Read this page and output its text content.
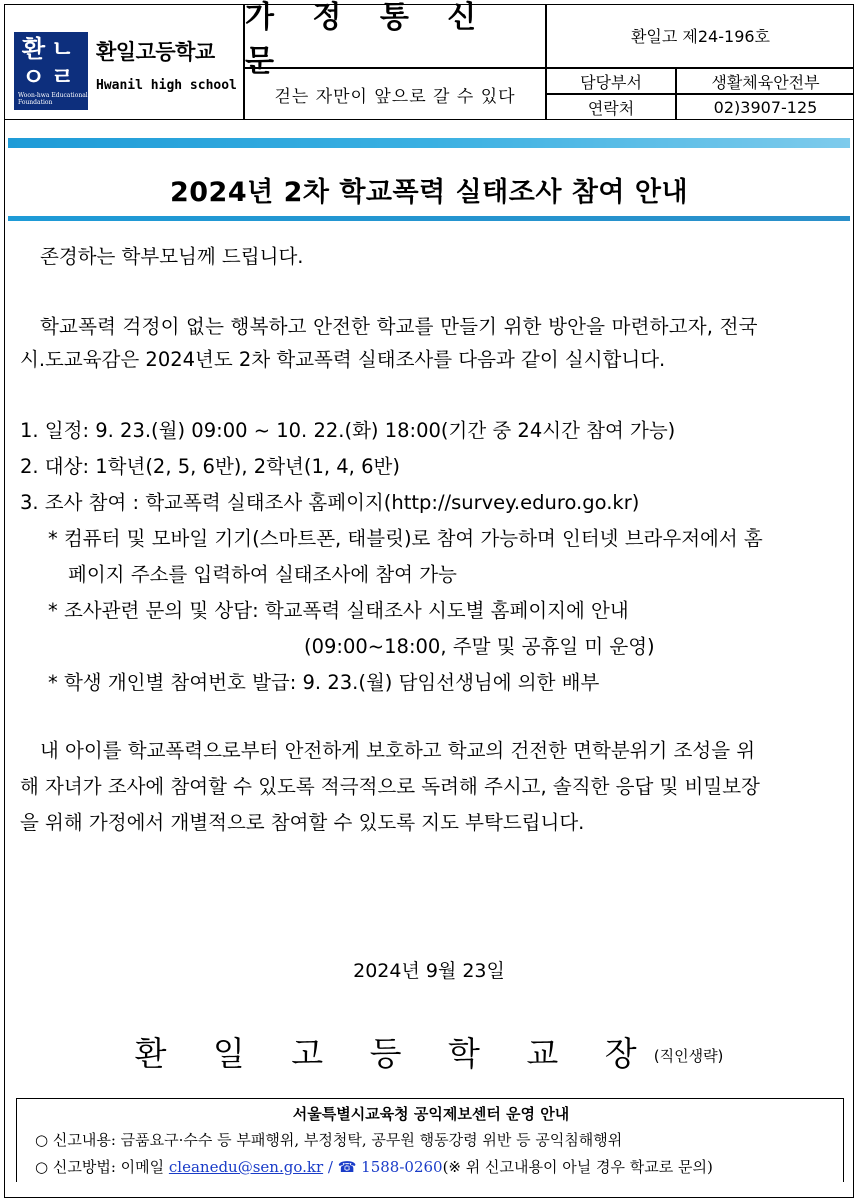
환ㄴ
ㅇㄹ
Woon-hwa Educational Foundation
환일고등학교
Hwanil high school
가 정 통 신 문
걷는 자만이 앞으로 갈 수 있다
환일고 제24-196호
담당부서	생활체육안전부
연락처	02)3907-125
2024년 2차 학교폭력 실태조사 참여 안내
존경하는 학부모님께 드립니다.
학교폭력 걱정이 없는 행복하고 안전한 학교를 만들기 위한 방안을 마련하고자, 전국
시.도교육감은 2024년도 2차 학교폭력 실태조사를 다음과 같이 실시합니다.
1. 일정: 9. 23.(월) 09:00 ~ 10. 22.(화) 18:00(기간 중 24시간 참여 가능)
2. 대상: 1학년(2, 5, 6반), 2학년(1, 4, 6반)
3. 조사 참여 : 학교폭력 실태조사 홈페이지(http://survey.eduro.go.kr)
* 컴퓨터 및 모바일 기기(스마트폰, 태블릿)로 참여 가능하며 인터넷 브라우저에서 홈
페이지 주소를 입력하여 실태조사에 참여 가능
* 조사관련 문의 및 상담: 학교폭력 실태조사 시도별 홈페이지에 안내
(09:00~18:00, 주말 및 공휴일 미 운영)
* 학생 개인별 참여번호 발급: 9. 23.(월) 담임선생님에 의한 배부
내 아이를 학교폭력으로부터 안전하게 보호하고 학교의 건전한 면학분위기 조성을 위
해 자녀가 조사에 참여할 수 있도록 적극적으로 독려해 주시고, 솔직한 응답 및 비밀보장
을 위해 가정에서 개별적으로 참여할 수 있도록 지도 부탁드립니다.
2024년 9월 23일
환 일 고 등 학 교 장 (직인생략)
서울특별시교육청 공익제보센터 운영 안내
○ 신고내용: 금품요구·수수 등 부패행위, 부정청탁, 공무원 행동강령 위반 등 공익침해행위
○ 신고방법: 이메일 cleanedu@sen.go.kr / ☎ 1588-0260(※ 위 신고내용이 아닐 경우 학교로 문의)
